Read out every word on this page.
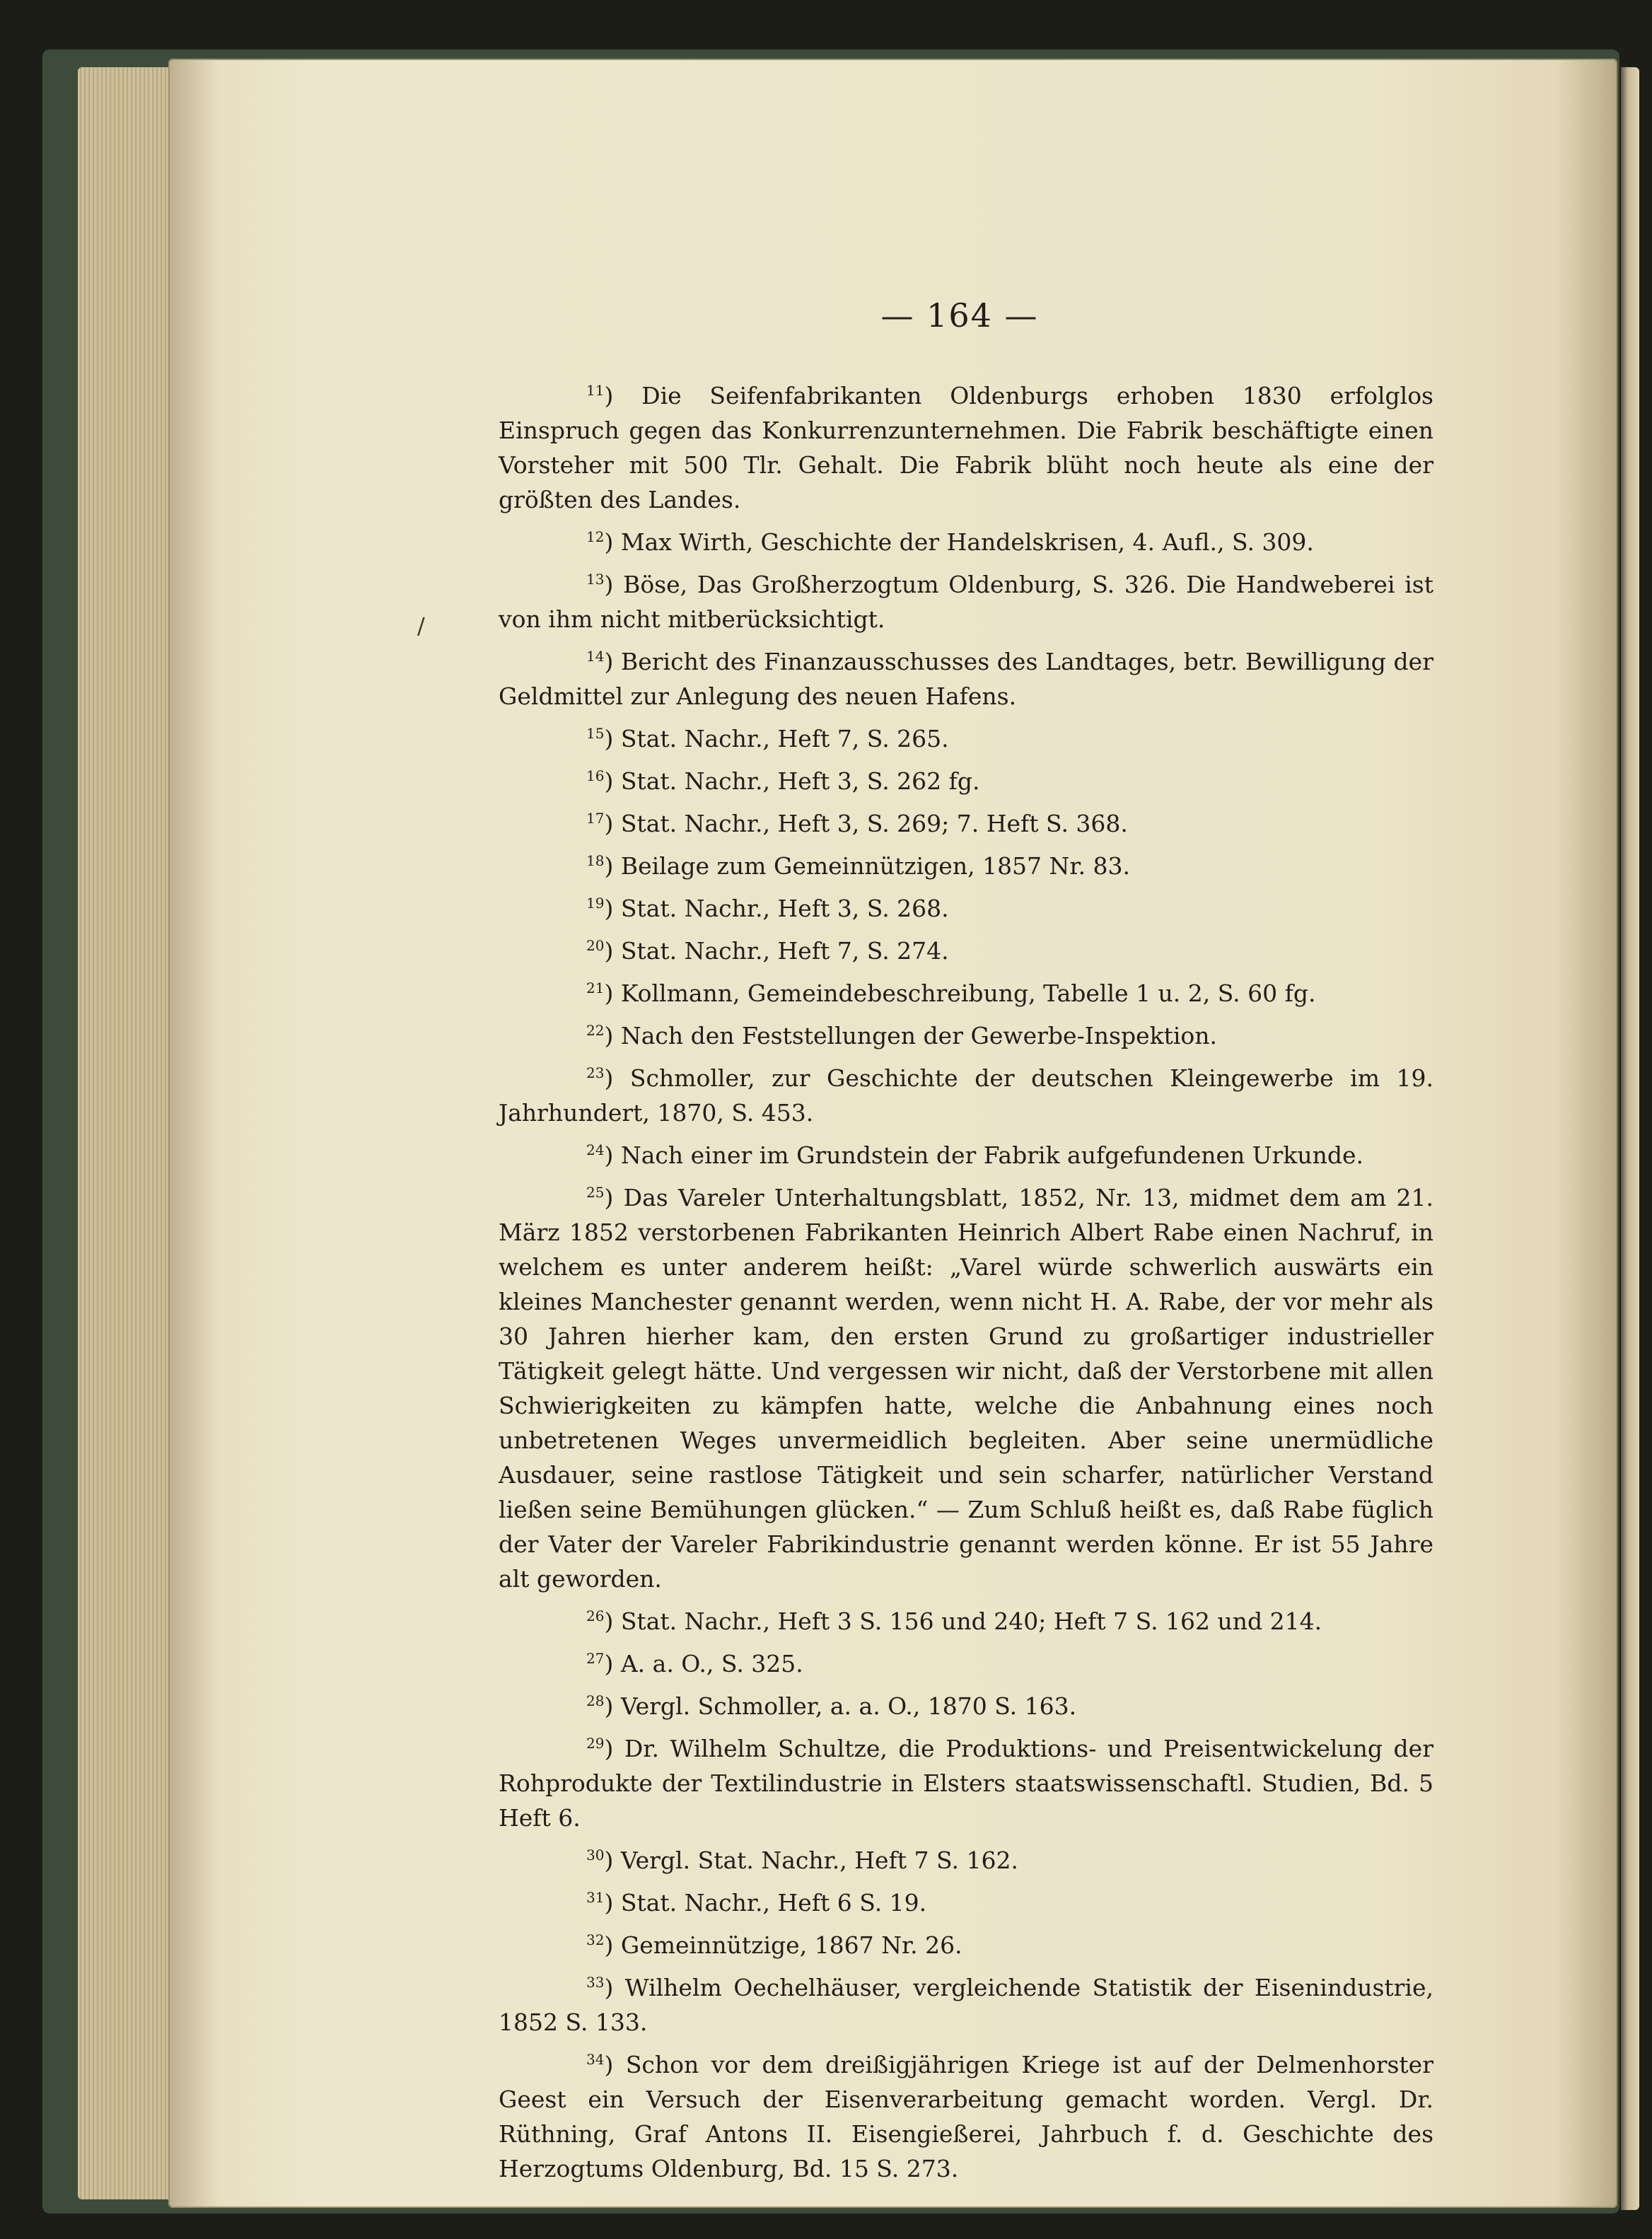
/
— 164 —

$^{11}$) Die Seifenfabrikanten Oldenburgs erhoben 1830 erfolglos Einspruch gegen das Konkurrenzunternehmen. Die Fabrik beschäftigte einen Vorsteher mit 500 Tlr. Gehalt. Die Fabrik blüht noch heute als eine der größten des Landes.

$^{12}$) Max Wirth, Geschichte der Handelskrisen, 4. Aufl., S. 309.

$^{13}$) Böse, Das Großherzogtum Oldenburg, S. 326. Die Handweberei ist von ihm nicht mitberücksichtigt.

$^{14}$) Bericht des Finanzausschusses des Landtages, betr. Bewilligung der Geldmittel zur Anlegung des neuen Hafens.

$^{15}$) Stat. Nachr., Heft 7, S. 265.

$^{16}$) Stat. Nachr., Heft 3, S. 262 fg.

$^{17}$) Stat. Nachr., Heft 3, S. 269; 7. Heft S. 368.

$^{18}$) Beilage zum Gemeinnützigen, 1857 Nr. 83.

$^{19}$) Stat. Nachr., Heft 3, S. 268.

$^{20}$) Stat. Nachr., Heft 7, S. 274.

$^{21}$) Kollmann, Gemeindebeschreibung, Tabelle 1 u. 2, S. 60 fg.

$^{22}$) Nach den Feststellungen der Gewerbe-Inspektion.

$^{23}$) Schmoller, zur Geschichte der deutschen Kleingewerbe im 19. Jahrhundert, 1870, S. 453.

$^{24}$) Nach einer im Grundstein der Fabrik aufgefundenen Urkunde.

$^{25}$) Das Vareler Unterhaltungsblatt, 1852, Nr. 13, midmet dem am 21. März 1852 verstorbenen Fabrikanten Heinrich Albert Rabe einen Nachruf, in welchem es unter anderem heißt: „Varel würde schwerlich auswärts ein kleines Manchester genannt werden, wenn nicht H. A. Rabe, der vor mehr als 30 Jahren hierher kam, den ersten Grund zu großartiger industrieller Tätigkeit gelegt hätte. Und vergessen wir nicht, daß der Verstorbene mit allen Schwierigkeiten zu kämpfen hatte, welche die Anbahnung eines noch unbetretenen Weges unvermeidlich begleiten. Aber seine unermüdliche Ausdauer, seine rastlose Tätigkeit und sein scharfer, natürlicher Verstand ließen seine Bemühungen glücken.“ — Zum Schluß heißt es, daß Rabe füglich der Vater der Vareler Fabrikindustrie genannt werden könne. Er ist 55 Jahre alt geworden.

$^{26}$) Stat. Nachr., Heft 3 S. 156 und 240; Heft 7 S. 162 und 214.

$^{27}$) A. a. O., S. 325.

$^{28}$) Vergl. Schmoller, a. a. O., 1870 S. 163.

$^{29}$) Dr. Wilhelm Schultze, die Produktions- und Preisentwickelung der Rohprodukte der Textilindustrie in Elsters staatswissenschaftl. Studien, Bd. 5 Heft 6.

$^{30}$) Vergl. Stat. Nachr., Heft 7 S. 162.

$^{31}$) Stat. Nachr., Heft 6 S. 19.

$^{32}$) Gemeinnützige, 1867 Nr. 26.

$^{33}$) Wilhelm Oechelhäuser, vergleichende Statistik der Eisenindustrie, 1852 S. 133.

$^{34}$) Schon vor dem dreißigjährigen Kriege ist auf der Delmenhorster Geest ein Versuch der Eisenverarbeitung gemacht worden. Vergl. Dr. Rüthning, Graf Antons II. Eisengießerei, Jahrbuch f. d. Geschichte des Herzogtums Oldenburg, Bd. 15 S. 273.
